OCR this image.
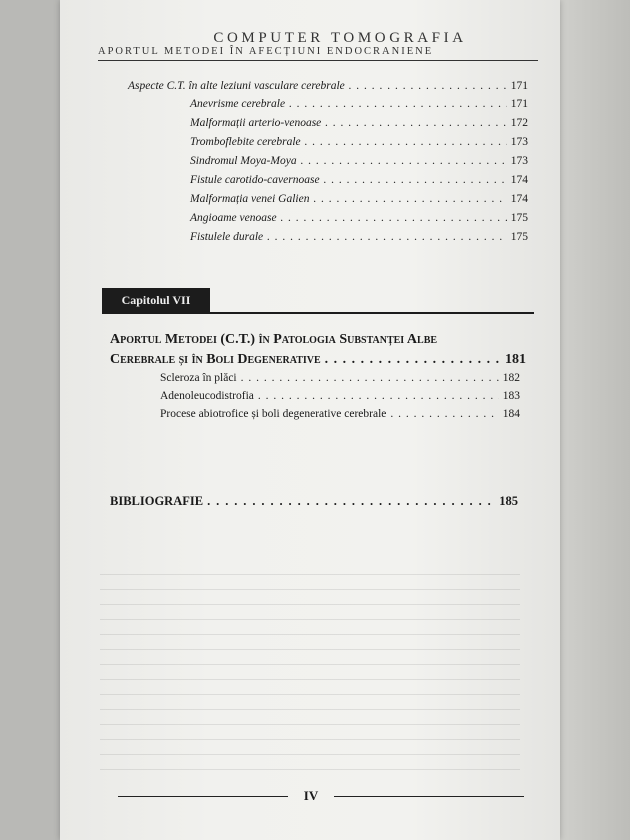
COMPUTER TOMOGRAFIA
APORTUL METODEI ÎN AFECȚIUNI ENDOCRANIENE
Aspecte C.T. în alte leziuni vasculare cerebrale . . .	171
Anevrisme cerebrale . . .	171
Malformații arterio-venoase . . .	172
Tromboflebite cerebrale . . .	173
Sindromul Moya-Moya . . .	173
Fistule carotido-cavernoase . . .	174
Malformația venei Galien . . .	174
Angioame venoase . . .	175
Fistulele durale . . .	175
Capitolul VII
Aportul Metodei (C.T.) în Patologia Substanței Albe
Cerebrale și în Boli Degenerative . . .	181
Scleroza în plăci . . .	182
Adenoleucodistrofia . . .	183
Procese abiotrofice și boli degenerative cerebrale . . .	184
BIBLIOGRAFIE . . .	185
IV
